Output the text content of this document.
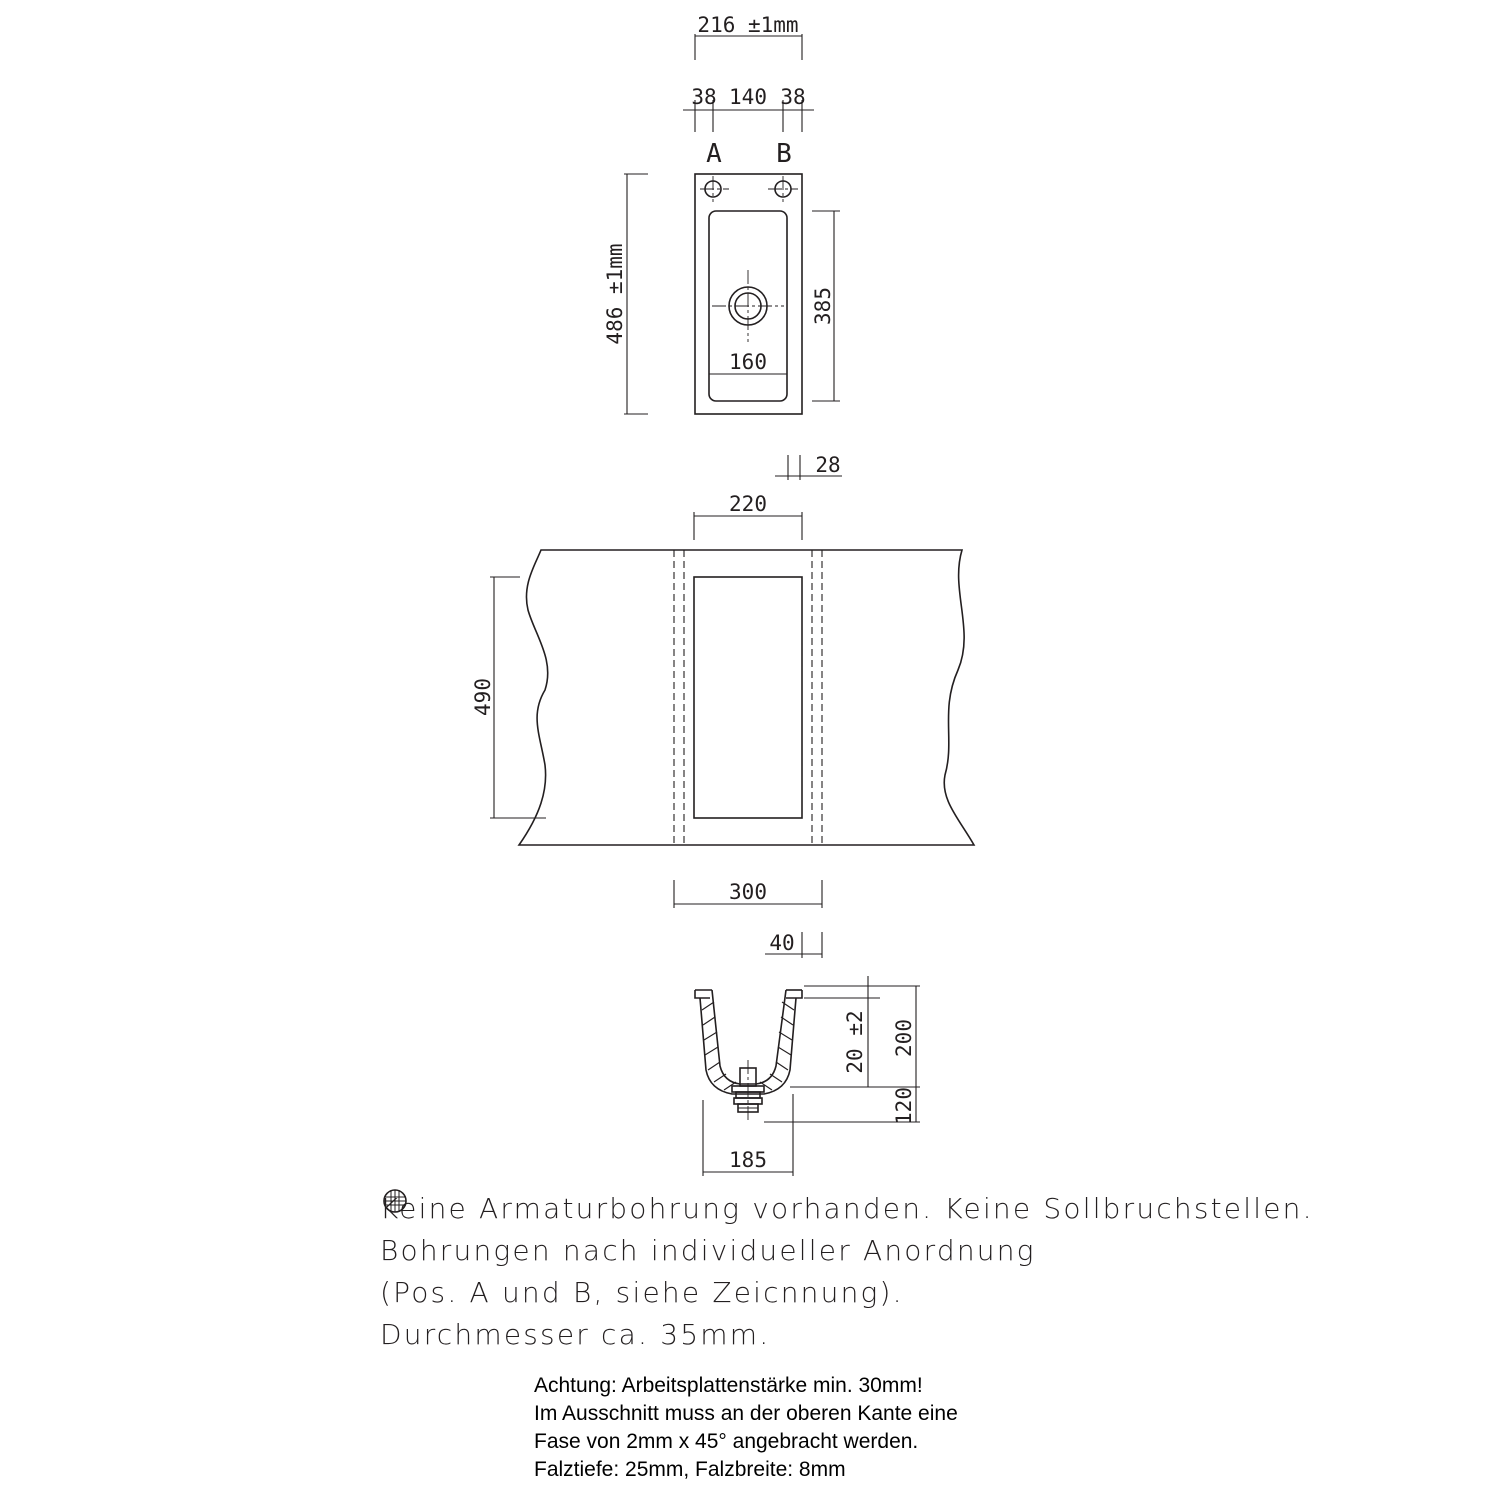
216 ±1mm
38 140 38
A B
486 ±1mm	385
160
28
220
490
300
40
20 ±2 200
120
185
Keine Armaturbohrung vorhanden. Keine Sollbruchstellen.
Bohrungen nach individueller Anordnung
(
Pos. A und B, siehe Zeicnnung).
Durchmesser ca. 35mm.
Achtung: Arbeitsplattenstärke min. 30mm!
Im Ausschnitt muss an der oberen Kante eine
Fase von 2mm x 45° angebracht werden.
Falztiefe: 25mm, Falzbreite: 8mm
